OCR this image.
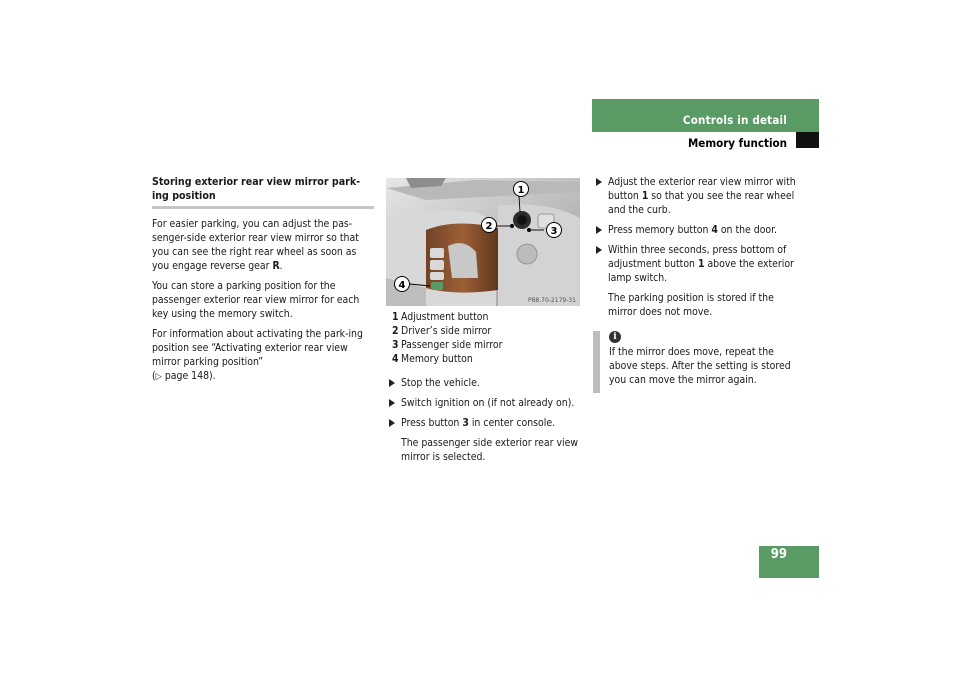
Controls in detail
Memory function
Storing exterior rear view mirror park-ing position

For easier parking, you can adjust the pas-senger-side exterior rear view mirror so that you can see the right rear wheel as soon as you engage reverse gear R.

You can store a parking position for the passenger exterior rear view mirror for each key using the memory switch.

For information about activating the park-ing position see “Activating exterior rear view mirror parking position”
(▷ page 148).

1
2	3
4
P88.70-2179-31
1 Adjustment button
2 Driver’s side mirror
3 Passenger side mirror
4 Memory button
Stop the vehicle.
Switch ignition on (if not already on).
Press button 3 in center console.
The passenger side exterior rear view mirror is selected.
Adjust the exterior rear view mirror with button 1 so that you see the rear wheel and the curb.
Press memory button 4 on the door.
Within three seconds, press bottom of adjustment button 1 above the exterior lamp switch.
The parking position is stored if the mirror does not move.
i
If the mirror does move, repeat the above steps. After the setting is stored you can move the mirror again.
99
